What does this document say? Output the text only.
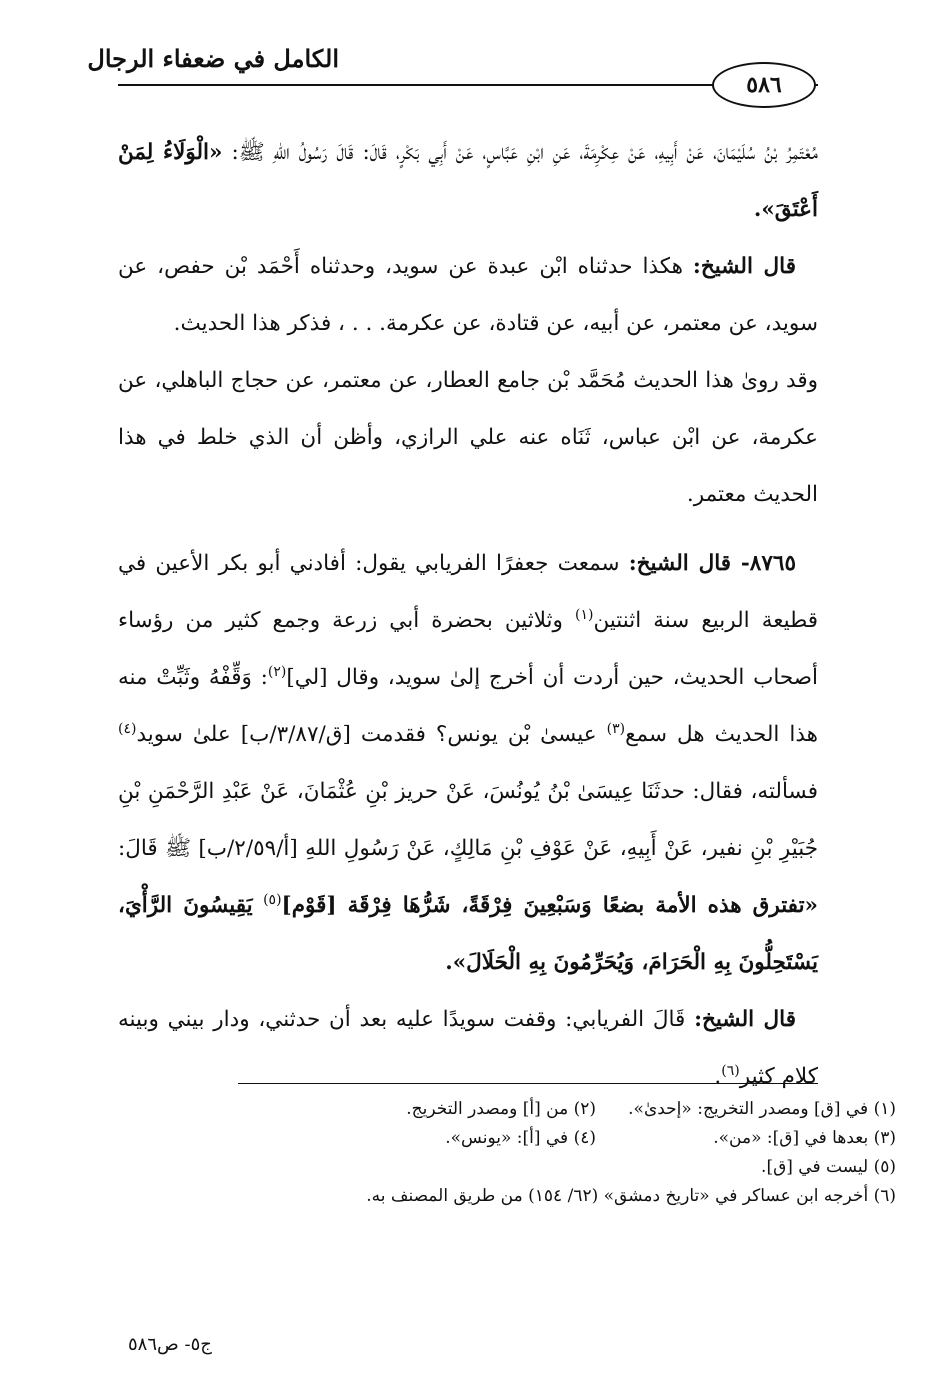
الكامل في ضعفاء الرجال
٥٨٦

مُعْتَمِرُ بْنُ سُلَيْمَانَ، عَنْ أَبِيهِ، عَنْ عِكْرِمَةَ، عَنِ ابْنِ عَبَّاسٍ، عَنْ أَبِي بَكْرٍ، قَالَ: قَالَ رَسُولُ اللهِ ﷺ: «الْوَلَاءُ لِمَنْ أَعْتَقَ».

قال الشيخ: هكذا حدثناه ابْن عبدة عن سويد، وحدثناه أَحْمَد بْن حفص، عن سويد، عن معتمر، عن أبيه، عن قتادة، عن عكرمة. . . ، فذكر هذا الحديث.

وقد روىٰ هذا الحديث مُحَمَّد بْن جامع العطار، عن معتمر، عن حجاج الباهلي، عن عكرمة، عن ابْن عباس، ثَنَاه عنه علي الرازي، وأظن أن الذي خلط في هذا الحديث معتمر.

٨٧٦٥- قال الشيخ: سمعت جعفرًا الفريابي يقول: أفادني أبو بكر الأعين في قطيعة الربيع سنة اثنتين$^{(١)}$ وثلاثين بحضرة أبي زرعة وجمع كثير من رؤساء أصحاب الحديث، حين أردت أن أخرج إلىٰ سويد، وقال [لي]$^{(٢)}$: وَقِّفْهُ وثَبِّتْ منه هذا الحديث هل سمع$^{(٣)}$ عيسىٰ بْن يونس؟ فقدمت [ق/٣/٨٧/ب] علىٰ سويد$^{(٤)}$ فسألته، فقال: حدثَنَا عِيسَىٰ بْنُ يُونُسَ، عَنْ حريز بْنِ عُثْمَانَ، عَنْ عَبْدِ الرَّحْمَنِ بْنِ جُبَيْرِ بْنِ نفير، عَنْ أَبِيهِ، عَنْ عَوْفِ بْنِ مَالِكٍ، عَنْ رَسُولِ اللهِ [أ/٢/٥٩/ب] ﷺ قَالَ: «تفترق هذه الأمة بضعًا وَسَبْعِينَ فِرْقَةً، شَرُّهَا فِرْقَة [قَوْم]$^{(٥)}$ يَقِيسُونَ الرَّأْيَ، يَسْتَحِلُّونَ بِهِ الْحَرَامَ، وَيُحَرِّمُونَ بِهِ الْحَلَالَ».

قال الشيخ: قَالَ الفريابي: وقفت سويدًا عليه بعد أن حدثني، ودار بيني وبينه كلام كثير$^{(٦)}$.

(١) في [ق] ومصدر التخريج: «إحدىٰ».
(٢) من [أ] ومصدر التخريج.
(٣) بعدها في [ق]: «من».
(٤) في [أ]: «يونس».
(٥) ليست في [ق].
(٦) أخرجه ابن عساكر في «تاريخ دمشق» (٦٢/ ١٥٤) من طريق المصنف به.
ج٥- ص٥٨٦
